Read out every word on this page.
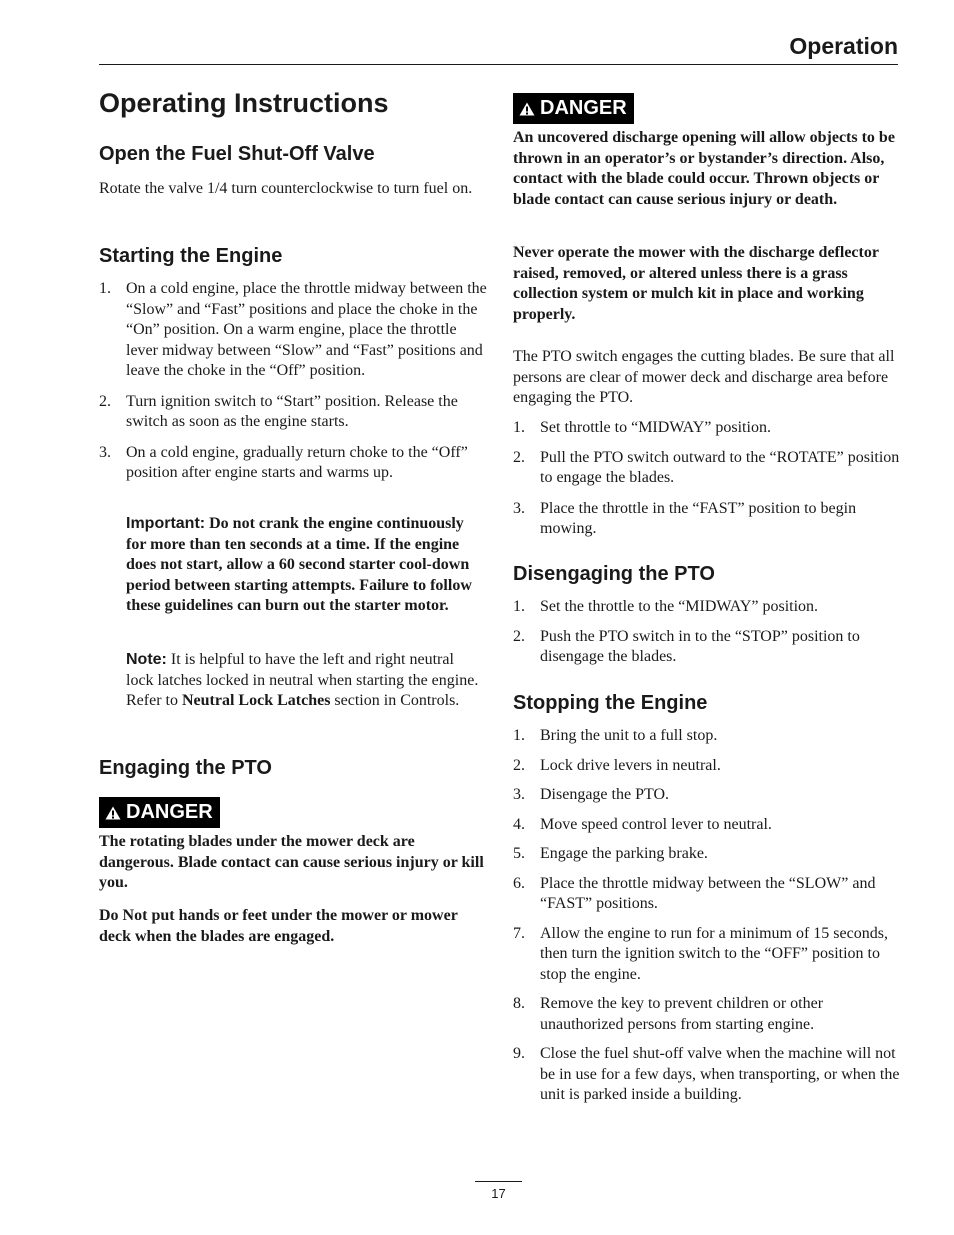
Operation
Operating Instructions
Open the Fuel Shut-Off Valve

Rotate the valve 1/4 turn counterclockwise to turn fuel on.

Starting the Engine
1. On a cold engine, place the throttle midway between the “Slow” and “Fast” positions and place the choke in the “On” position. On a warm engine, place the throttle lever midway between “Slow” and “Fast” positions and leave the choke in the “Off” position.
2. Turn ignition switch to “Start” position. Release the switch as soon as the engine starts.
3. On a cold engine, gradually return choke to the “Off” position after engine starts and warms up.

Important: Do not crank the engine continuously for more than ten seconds at a time. If the engine does not start, allow a 60 second starter cool-down period between starting attempts. Failure to follow these guidelines can burn out the starter motor.

Note: It is helpful to have the left and right neutral lock latches locked in neutral when starting the engine. Refer to Neutral Lock Latches section in Controls.

Engaging the PTO
DANGER

The rotating blades under the mower deck are dangerous. Blade contact can cause serious injury or kill you.

Do Not put hands or feet under the mower or mower deck when the blades are engaged.

DANGER

An uncovered discharge opening will allow objects to be thrown in an operator’s or bystander’s direction. Also, contact with the blade could occur. Thrown objects or blade contact can cause serious injury or death.

Never operate the mower with the discharge deflector raised, removed, or altered unless there is a grass collection system or mulch kit in place and working properly.

The PTO switch engages the cutting blades. Be sure that all persons are clear of mower deck and discharge area before engaging the PTO.

1. Set throttle to “MIDWAY” position.
2. Pull the PTO switch outward to the “ROTATE” position to engage the blades.
3. Place the throttle in the “FAST” position to begin mowing.
Disengaging the PTO
1. Set the throttle to the “MIDWAY” position.
2. Push the PTO switch in to the “STOP” position to disengage the blades.
Stopping the Engine
1. Bring the unit to a full stop.
2. Lock drive levers in neutral.
3. Disengage the PTO.
4. Move speed control lever to neutral.
5. Engage the parking brake.
6. Place the throttle midway between the “SLOW” and “FAST” positions.
7. Allow the engine to run for a minimum of 15 seconds, then turn the ignition switch to the “OFF” position to stop the engine.
8. Remove the key to prevent children or other unauthorized persons from starting engine.
9. Close the fuel shut-off valve when the machine will not be in use for a few days, when transporting, or when the unit is parked inside a building.
17
